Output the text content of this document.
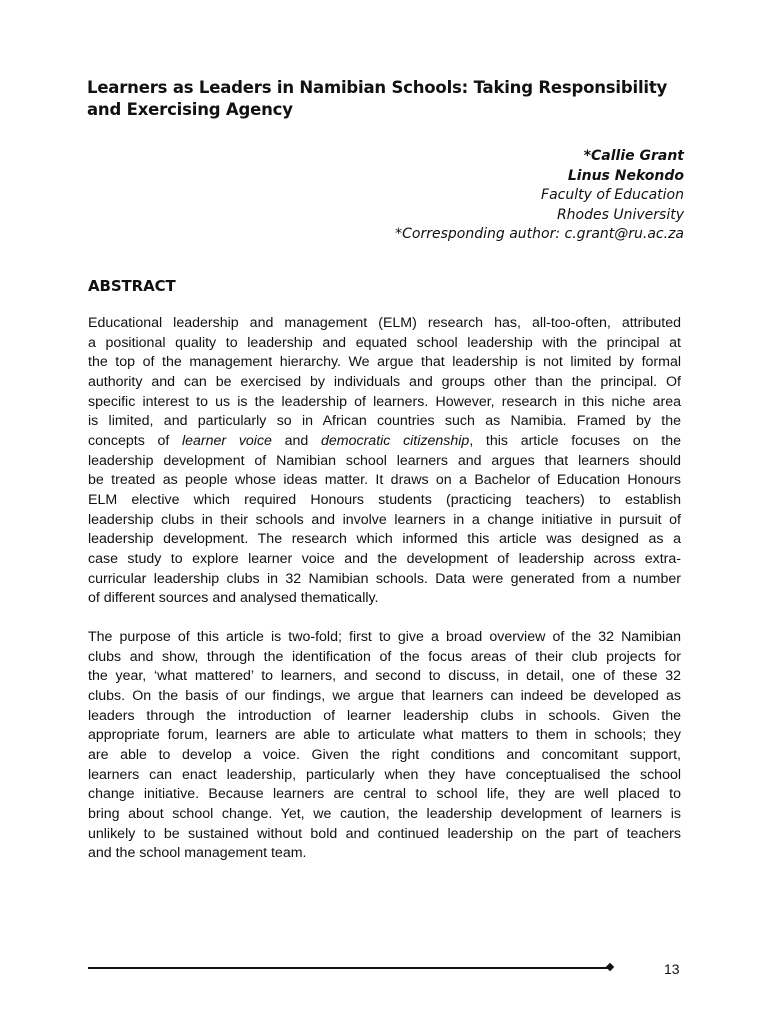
Learners as Leaders in Namibian Schools: Taking Responsibility
and Exercising Agency
*Callie Grant
Linus Nekondo
Faculty of Education
Rhodes University
*Corresponding author: c.grant@ru.ac.za
ABSTRACT
Educational leadership and management (ELM) research has, all-too-often, attributed
a positional quality to leadership and equated school leadership with the principal at
the top of the management hierarchy. We argue that leadership is not limited by formal
authority and can be exercised by individuals and groups other than the principal. Of
specific interest to us is the leadership of learners. However, research in this niche area
is limited, and particularly so in African countries such as Namibia. Framed by the
concepts of learner voice and democratic citizenship, this article focuses on the
leadership development of Namibian school learners and argues that learners should
be treated as people whose ideas matter. It draws on a Bachelor of Education Honours
ELM elective which required Honours students (practicing teachers) to establish
leadership clubs in their schools and involve learners in a change initiative in pursuit of
leadership development. The research which informed this article was designed as a
case study to explore learner voice and the development of leadership across extra-
curricular leadership clubs in 32 Namibian schools. Data were generated from a number
of different sources and analysed thematically.
The purpose of this article is two-fold; first to give a broad overview of the 32 Namibian
clubs and show, through the identification of the focus areas of their club projects for
the year, ‘what mattered’ to learners, and second to discuss, in detail, one of these 32
clubs. On the basis of our findings, we argue that learners can indeed be developed as
leaders through the introduction of learner leadership clubs in schools. Given the
appropriate forum, learners are able to articulate what matters to them in schools; they
are able to develop a voice. Given the right conditions and concomitant support,
learners can enact leadership, particularly when they have conceptualised the school
change initiative. Because learners are central to school life, they are well placed to
bring about school change. Yet, we caution, the leadership development of learners is
unlikely to be sustained without bold and continued leadership on the part of teachers
and the school management team.
13
